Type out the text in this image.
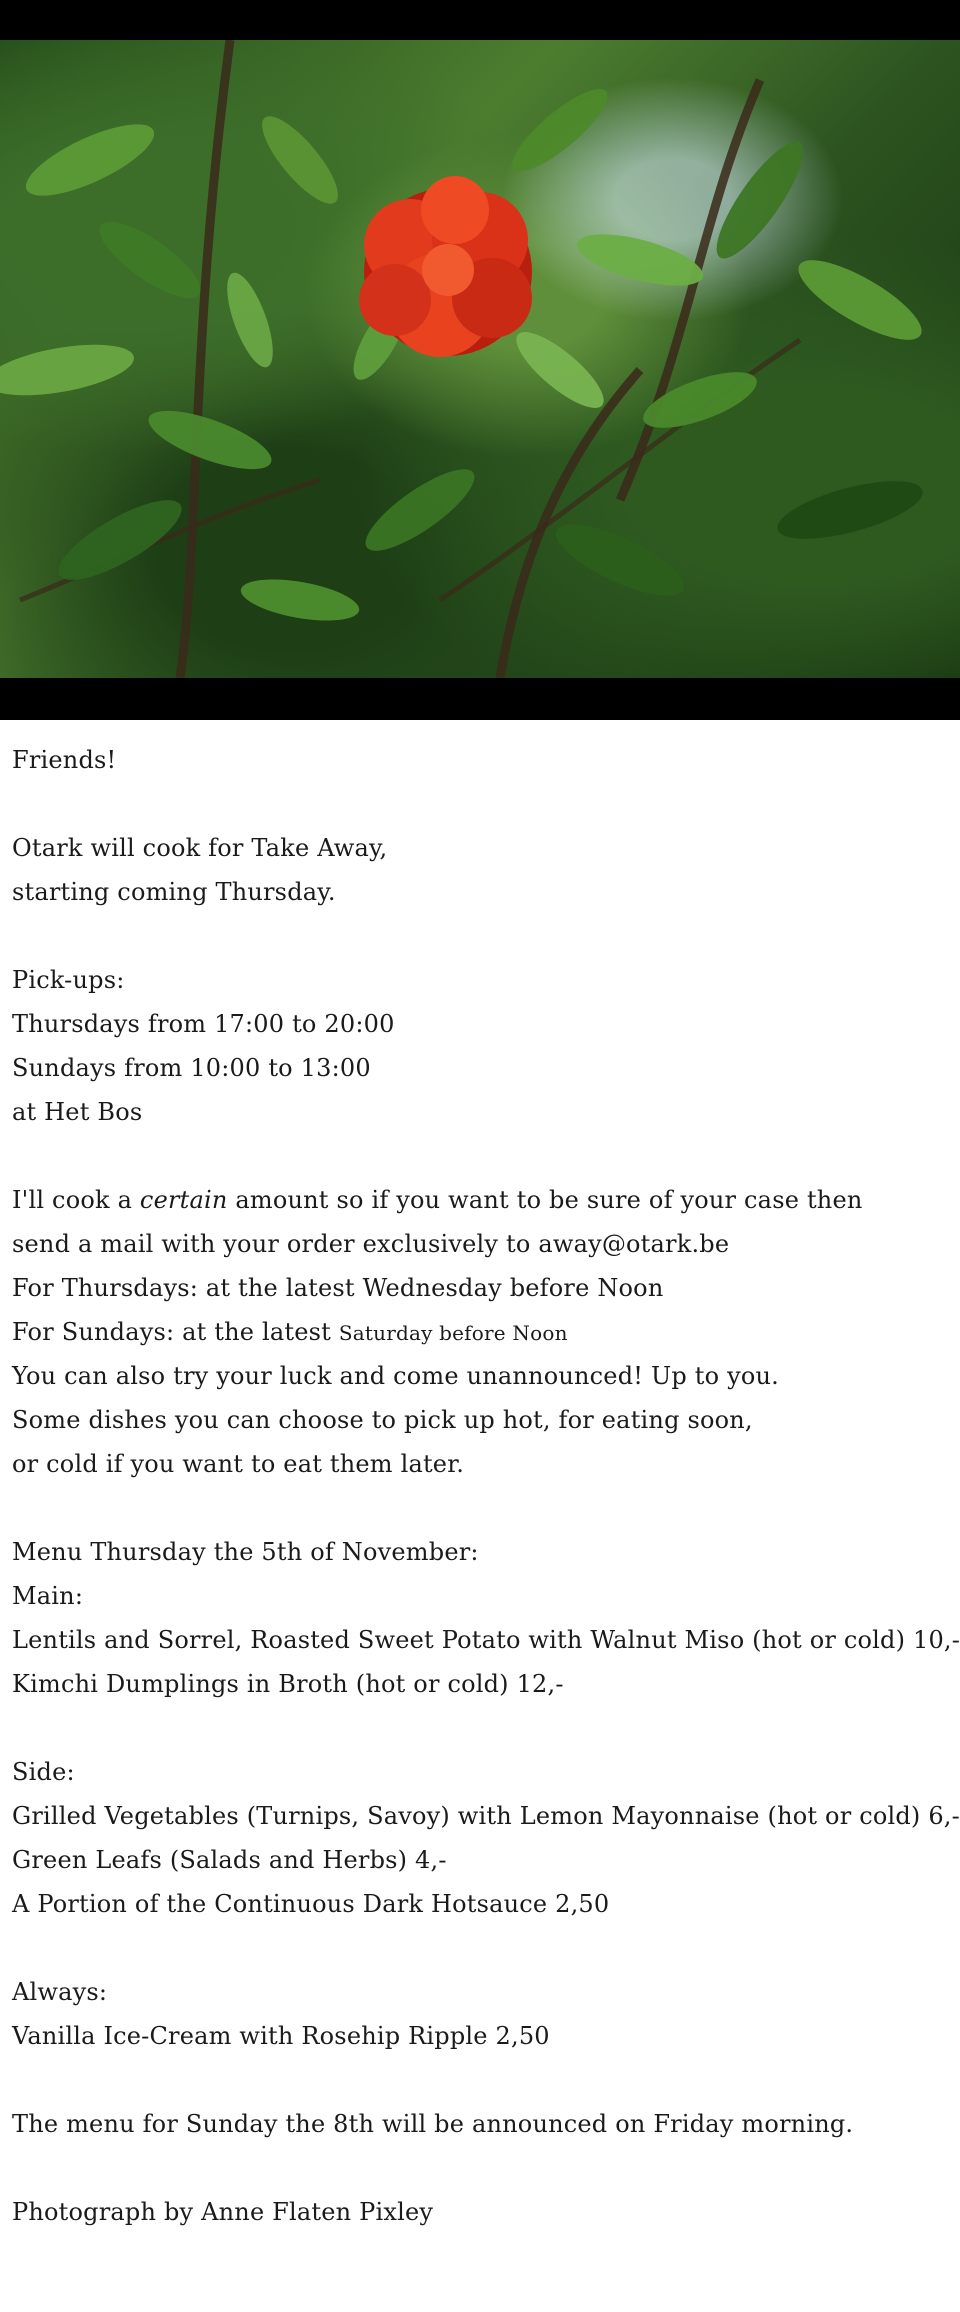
Friends!
Otark will cook for Take Away,
starting coming Thursday.
Pick-ups:
Thursdays from 17:00 to 20:00
Sundays from 10:00 to 13:00
at Het Bos
I'll cook a certain amount so if you want to be sure of your case then
send a mail with your order exclusively to away@otark.be
For Thursdays: at the latest Wednesday before Noon
For Sundays: at the latest Saturday before Noon
You can also try your luck and come unannounced! Up to you.
Some dishes you can choose to pick up hot, for eating soon,
or cold if you want to eat them later.
Menu Thursday the 5th of November:
Main:
Lentils and Sorrel, Roasted Sweet Potato with Walnut Miso (hot or cold) 10,-
Kimchi Dumplings in Broth (hot or cold) 12,-
Side:
Grilled Vegetables (Turnips, Savoy) with Lemon Mayonnaise (hot or cold) 6,-
Green Leafs (Salads and Herbs) 4,-
A Portion of the Continuous Dark Hotsauce 2,50
Always:
Vanilla Ice-Cream with Rosehip Ripple 2,50
The menu for Sunday the 8th will be announced on Friday morning.
Photograph by Anne Flaten Pixley
